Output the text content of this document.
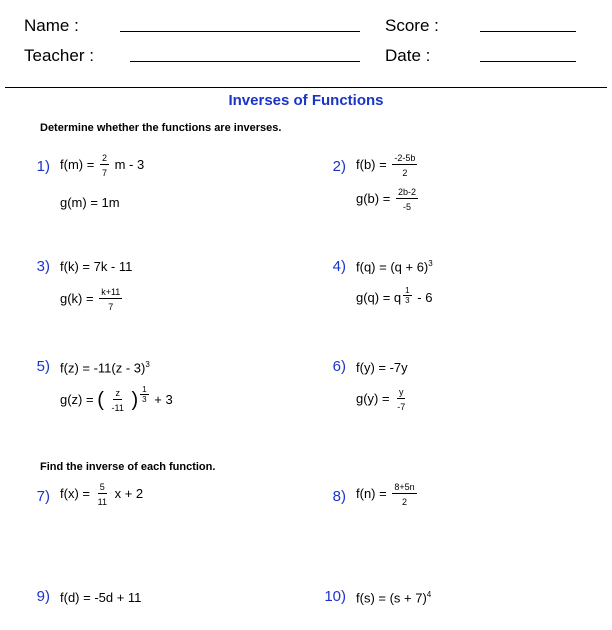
Name :	Score :
Teacher :	Date :
Inverses of Functions
Determine whether the functions are inverses.
1) $f(m) = \frac{2}{7}$ m - 3
g(m) = 1m
2) $f(b) = \frac{-2-5b}{2}$
$g(b) = \frac{2b-2}{-5}$
3) f(k) = 7k - 11
$g(k) = \frac{k+11}{7}$
4) $f(q) = (q + 6)^3$
g(q) = q $\frac{1}{3} - 6$
5) f(z) = -11(z - 3)$^3$
g(z) = ( $\frac{z}{-11}$ ) $\frac{1}{3} + 3$
6) f(y) = -7y
$g(y) = \frac{y}{-7}$
Find the inverse of each function.
7) $f(x) = \frac{5}{11}$ x + 2	8) $f(n) = \frac{8+5n}{2}$
9) f(d) = -5d + 11	10) $f(s) = (s + 7)^4$
